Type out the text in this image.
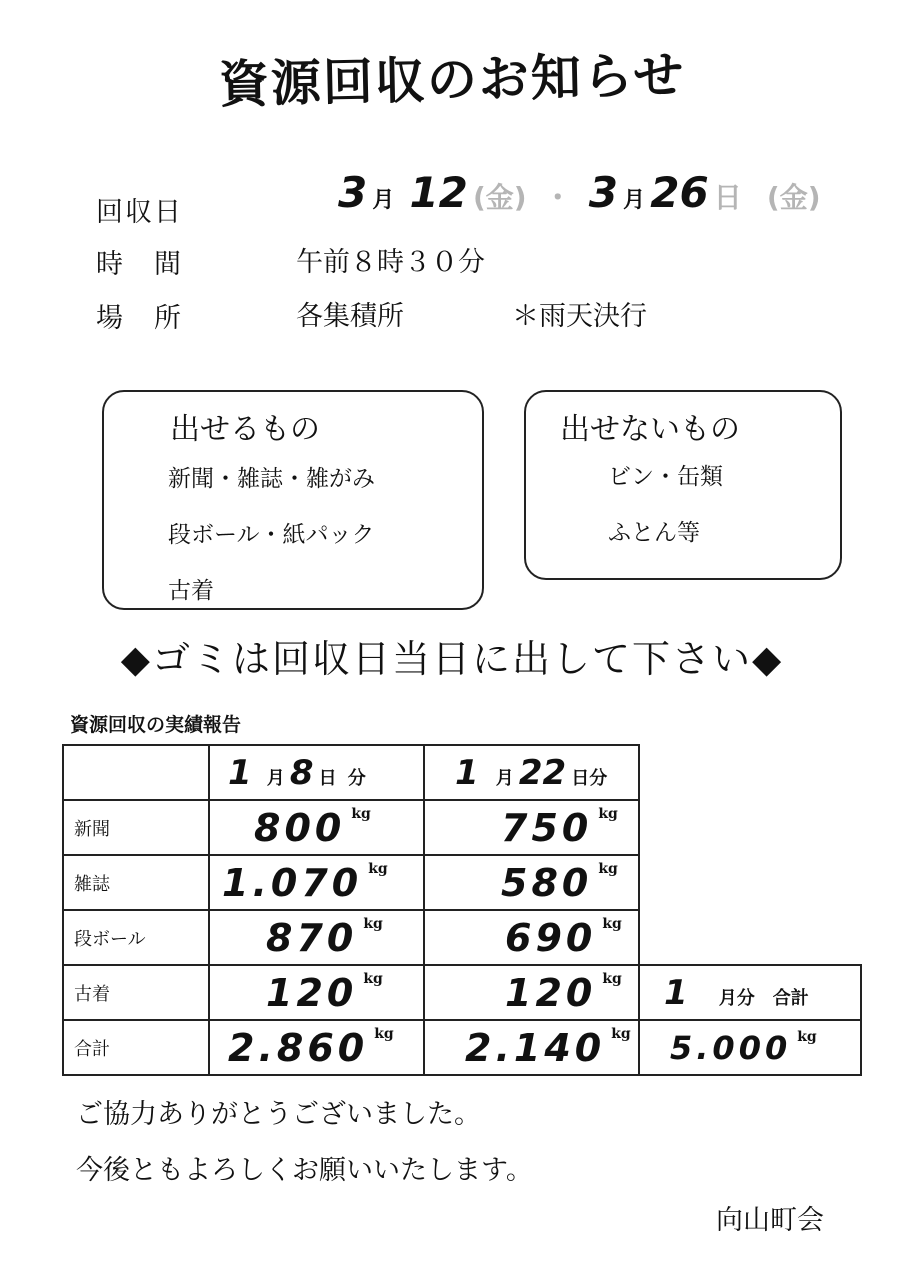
資源回収のお知らせ
回収日	3 月 12 (金) ・ 3 月 26 日 (金)
時　間	午前８時３０分
場　所	各集積所	＊雨天決行
出せるもの
新聞・雑誌・雑がみ
段ボール・紙パック
古着
出せないもの
ビン・缶類
ふとん等
◆ゴミは回収日当日に出して下さい◆
資源回収の実績報告
	1 月 8 日 分	1 月 22 日分	
新聞	800 kg	750 kg	
雑誌	1.070 kg	580 kg	
段ボール	870 kg	690 kg	
古着	120 kg	120 kg	1 月分　合計
合計	2.860 kg	2.140 kg	5.000 kg
ご協力ありがとうございました。
今後ともよろしくお願いいたします。
向山町会
